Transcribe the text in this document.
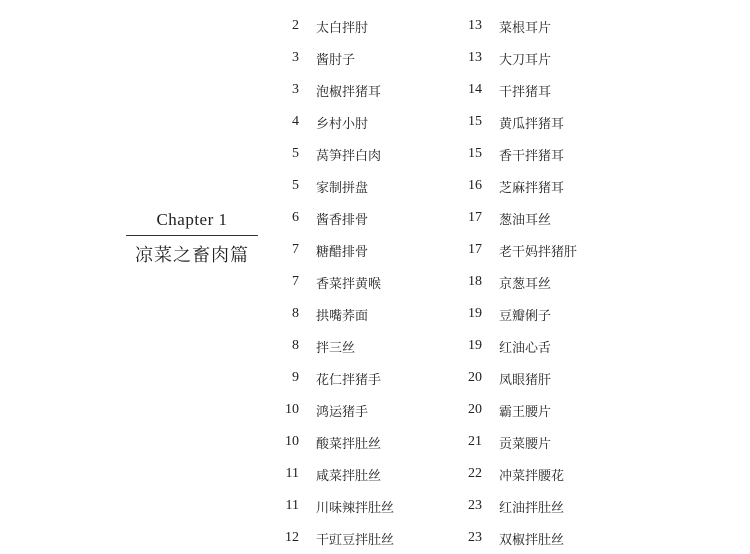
Chapter 1
凉菜之畜肉篇
2 太白拌肘
3 酱肘子
3 泡椒拌猪耳
4 乡村小肘
5 莴笋拌白肉
5 家制拼盘
6 酱香排骨
7 糖醋排骨
7 香菜拌黄喉
8 拱嘴荞面
8 拌三丝
9 花仁拌猪手
10 鸿运猪手
10 酸菜拌肚丝
11 咸菜拌肚丝
11 川味辣拌肚丝
12 干豇豆拌肚丝
13 菜根耳片
13 大刀耳片
14 干拌猪耳
15 黄瓜拌猪耳
15 香干拌猪耳
16 芝麻拌猪耳
17 葱油耳丝
17 老干妈拌猪肝
18 京葱耳丝
19 豆瓣俐子
19 红油心舌
20 凤眼猪肝
20 霸王腰片
21 贡菜腰片
22 冲菜拌腰花
23 红油拌肚丝
23 双椒拌肚丝
